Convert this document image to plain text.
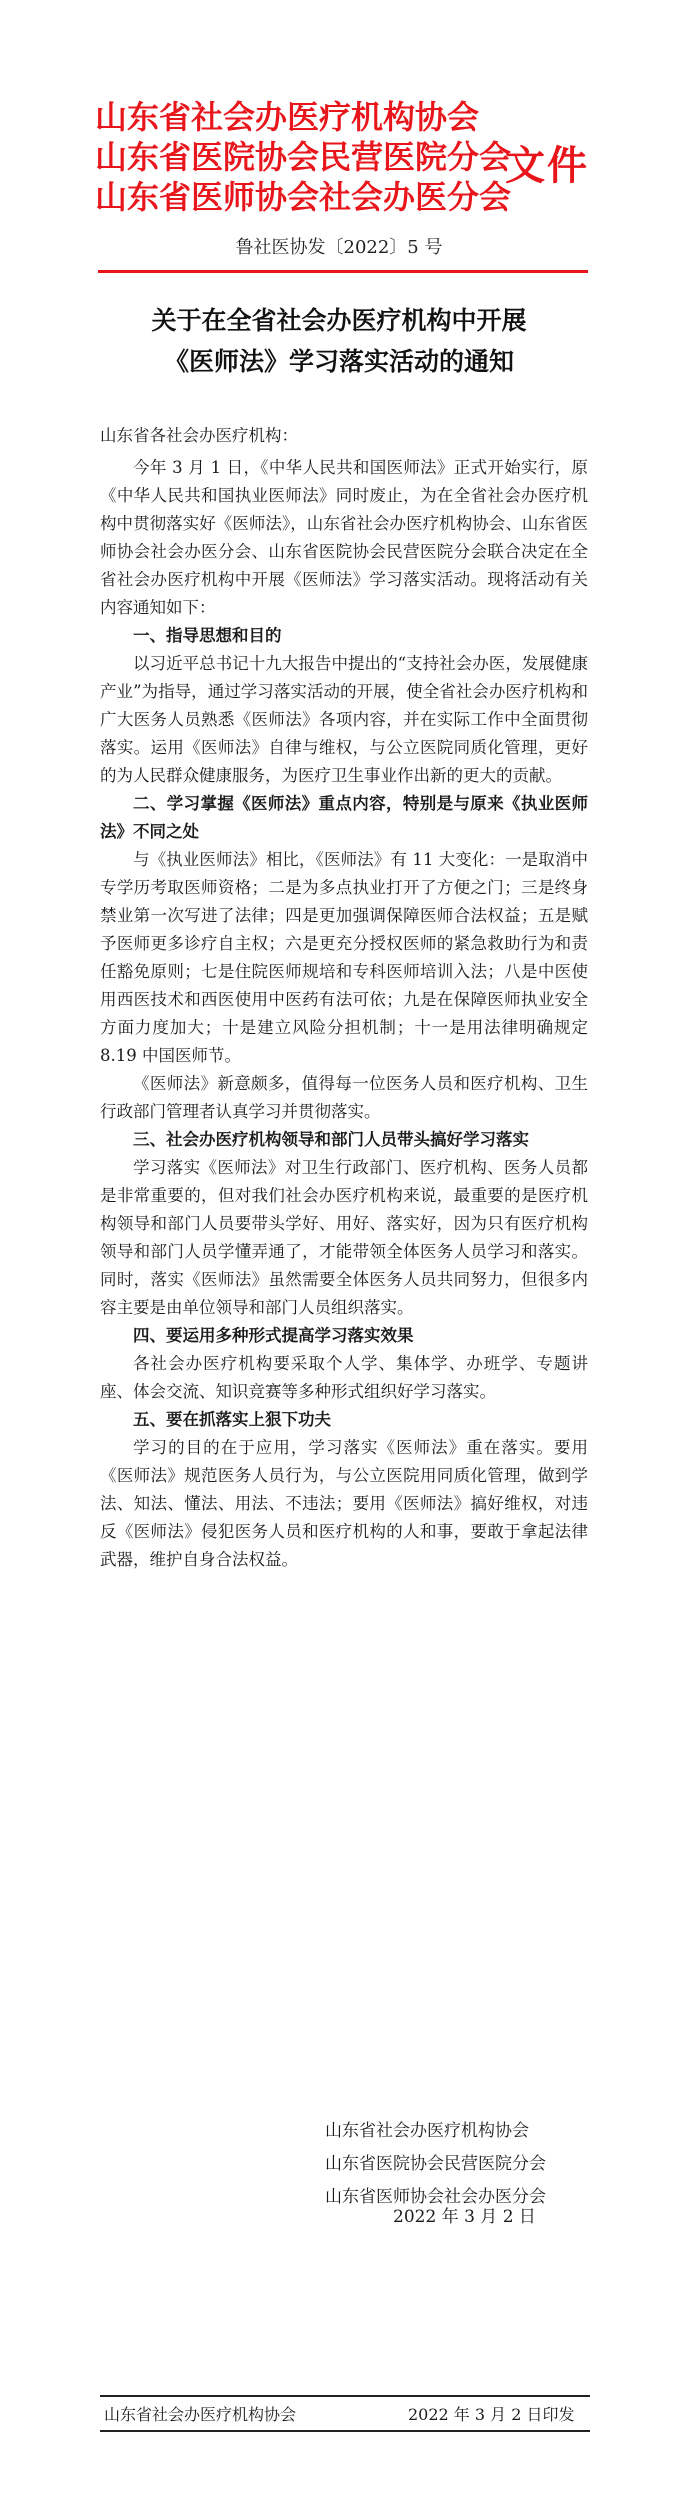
山东省社会办医疗机构协会
山东省医院协会民营医院分会
山东省医师协会社会办医分会
文件
鲁社医协发〔2022〕5 号
关于在全省社会办医疗机构中开展
《医师法》学习落实活动的通知

山东省各社会办医疗机构：

今年 3 月 1 日，《中华人民共和国医师法》正式开始实行，原《中华人民共和国执业医师法》同时废止，为在全省社会办医疗机构中贯彻落实好《医师法》，山东省社会办医疗机构协会、山东省医师协会社会办医分会、山东省医院协会民营医院分会联合决定在全省社会办医疗机构中开展《医师法》学习落实活动。现将活动有关内容通知如下：

一、指导思想和目的

以习近平总书记十九大报告中提出的“支持社会办医，发展健康产业”为指导，通过学习落实活动的开展，使全省社会办医疗机构和广大医务人员熟悉《医师法》各项内容，并在实际工作中全面贯彻落实。运用《医师法》自律与维权，与公立医院同质化管理，更好的为人民群众健康服务，为医疗卫生事业作出新的更大的贡献。

二、学习掌握《医师法》重点内容，特别是与原来《执业医师法》不同之处

与《执业医师法》相比，《医师法》有 11 大变化：一是取消中专学历考取医师资格；二是为多点执业打开了方便之门；三是终身禁业第一次写进了法律；四是更加强调保障医师合法权益；五是赋予医师更多诊疗自主权；六是更充分授权医师的紧急救助行为和责任豁免原则；七是住院医师规培和专科医师培训入法；八是中医使用西医技术和西医使用中医药有法可依；九是在保障医师执业安全方面力度加大；十是建立风险分担机制；十一是用法律明确规定 8.19 中国医师节。

《医师法》新意颇多，值得每一位医务人员和医疗机构、卫生行政部门管理者认真学习并贯彻落实。

三、社会办医疗机构领导和部门人员带头搞好学习落实

学习落实《医师法》对卫生行政部门、医疗机构、医务人员都是非常重要的，但对我们社会办医疗机构来说，最重要的是医疗机构领导和部门人员要带头学好、用好、落实好，因为只有医疗机构领导和部门人员学懂弄通了，才能带领全体医务人员学习和落实。同时，落实《医师法》虽然需要全体医务人员共同努力，但很多内容主要是由单位领导和部门人员组织落实。

四、要运用多种形式提高学习落实效果

各社会办医疗机构要采取个人学、集体学、办班学、专题讲座、体会交流、知识竞赛等多种形式组织好学习落实。

五、要在抓落实上狠下功夫

学习的目的在于应用，学习落实《医师法》重在落实。要用《医师法》规范医务人员行为，与公立医院用同质化管理，做到学法、知法、懂法、用法、不违法；要用《医师法》搞好维权，对违反《医师法》侵犯医务人员和医疗机构的人和事，要敢于拿起法律武器，维护自身合法权益。

山东省社会办医疗机构协会
山东省医院协会民营医院分会
山东省医师协会社会办医分会
2022 年 3 月 2 日
山东省社会办医疗机构协会	2022 年 3 月 2 日印发
